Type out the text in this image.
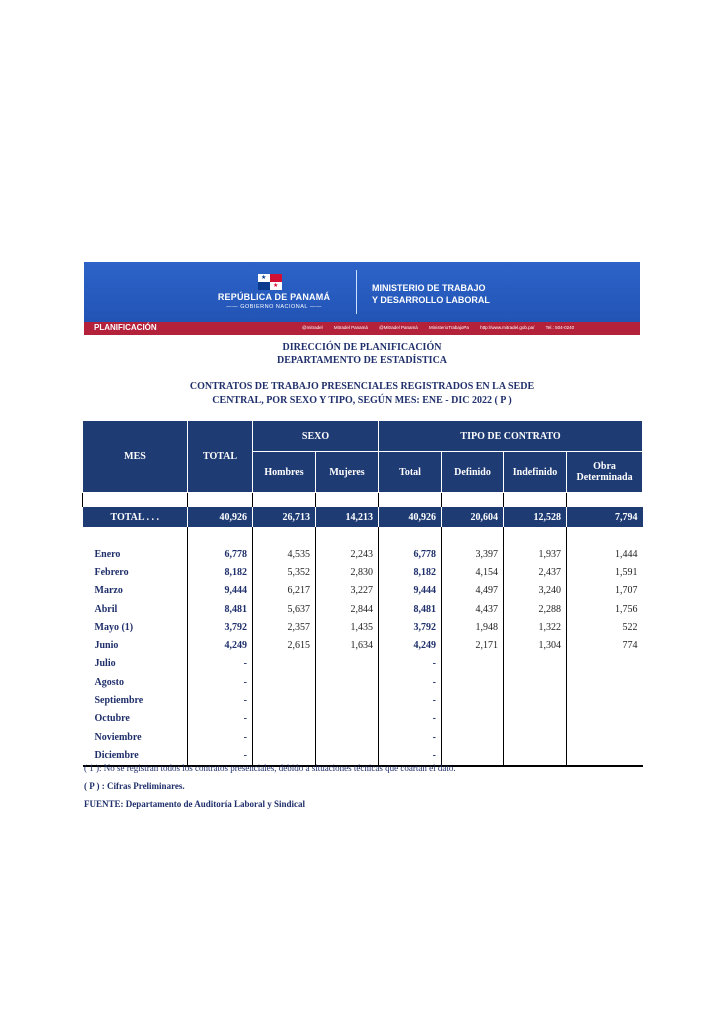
★
★
REPÚBLICA DE PANAMÁ
—— GOBIERNO NACIONAL ——
MINISTERIO DE TRABAJO
Y DESARROLLO LABORAL
PLANIFICACIÓN	@mitradel	Mitradel Panamá	@Mitradel Panamá	MinisterioTrabajoPa	http://www.mitradel.gob.pa/ Tel.: 504-0240
DIRECCIÓN DE PLANIFICACIÓN
DEPARTAMENTO DE ESTADÍSTICA
CONTRATOS DE TRABAJO PRESENCIALES REGISTRADOS EN LA SEDE
CENTRAL, POR SEXO Y TIPO, SEGÚN MES: ENE - DIC 2022 ( P )
MES	TOTAL	SEXO		TIPO DE CONTRATO			
		Hombres	Mujeres	Total	Definido	Indefinido	Obra Determinada

TOTAL . . .	40,926	26,713	14,213	40,926	20,604	12,528	7,794

Enero	6,778	4,535	2,243	6,778	3,397	1,937	1,444
Febrero	8,182	5,352	2,830	8,182	4,154	2,437	1,591
Marzo	9,444	6,217	3,227	9,444	4,497	3,240	1,707
Abril	8,481	5,637	2,844	8,481	4,437	2,288	1,756
Mayo (1)	3,792	2,357	1,435	3,792	1,948	1,322	522
Junio	4,249	2,615	1,634	4,249	2,171	1,304	774
Julio	-			-			
Agosto	-			-			
Septiembre	-			-			
Octubre	-			-			
Noviembre	-			-			
Diciembre	-			-			
( 1 ): No se registran todos los contratos presenciales, debido a situaciones técnicas que coartan el dato.
( P ) : Cifras Preliminares.
FUENTE: Departamento de Auditoría Laboral y Sindical
